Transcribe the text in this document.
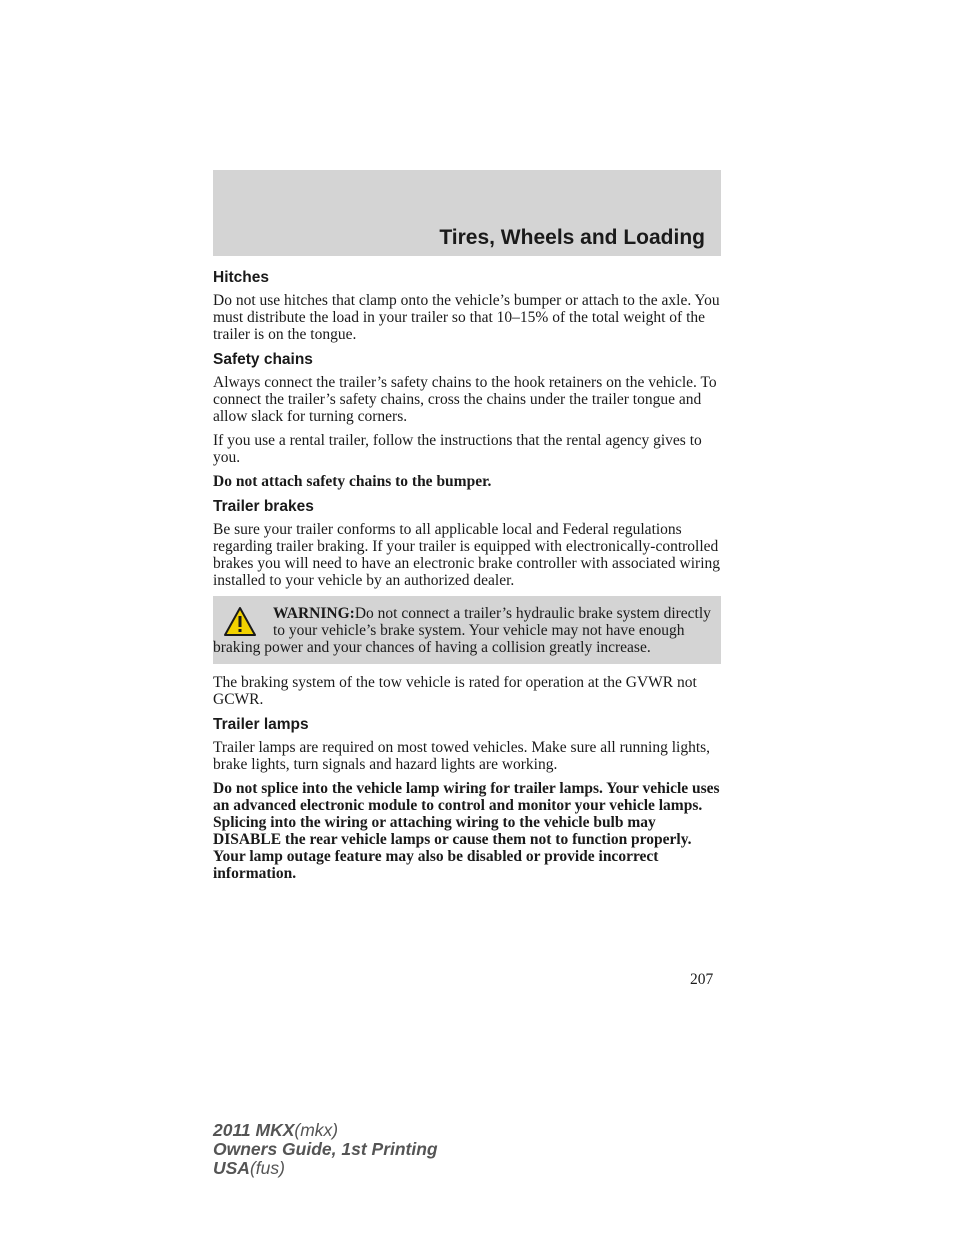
Tires, Wheels and Loading
Hitches

Do not use hitches that clamp onto the vehicle’s bumper or attach to the axle. You must distribute the load in your trailer so that 10–15% of the total weight of the trailer is on the tongue.

Safety chains

Always connect the trailer’s safety chains to the hook retainers on the vehicle. To connect the trailer’s safety chains, cross the chains under the trailer tongue and allow slack for turning corners.

If you use a rental trailer, follow the instructions that the rental agency gives to you.

Do not attach safety chains to the bumper.

Trailer brakes

Be sure your trailer conforms to all applicable local and Federal regulations regarding trailer braking. If your trailer is equipped with electronically-controlled brakes you will need to have an electronic brake controller with associated wiring installed to your vehicle by an authorized dealer.

WARNING:Do not connect a trailer’s hydraulic brake system directly to your vehicle’s brake system. Your vehicle may not have enough braking power and your chances of having a collision greatly increase.

The braking system of the tow vehicle is rated for operation at the GVWR not GCWR.

Trailer lamps

Trailer lamps are required on most towed vehicles. Make sure all running lights, brake lights, turn signals and hazard lights are working.

Do not splice into the vehicle lamp wiring for trailer lamps. Your vehicle uses an advanced electronic module to control and monitor your vehicle lamps. Splicing into the wiring or attaching wiring to the vehicle bulb may DISABLE the rear vehicle lamps or cause them not to function properly. Your lamp outage feature may also be disabled or provide incorrect information.

207
2011 MKX(mkx)
Owners Guide, 1st Printing
USA(fus)
